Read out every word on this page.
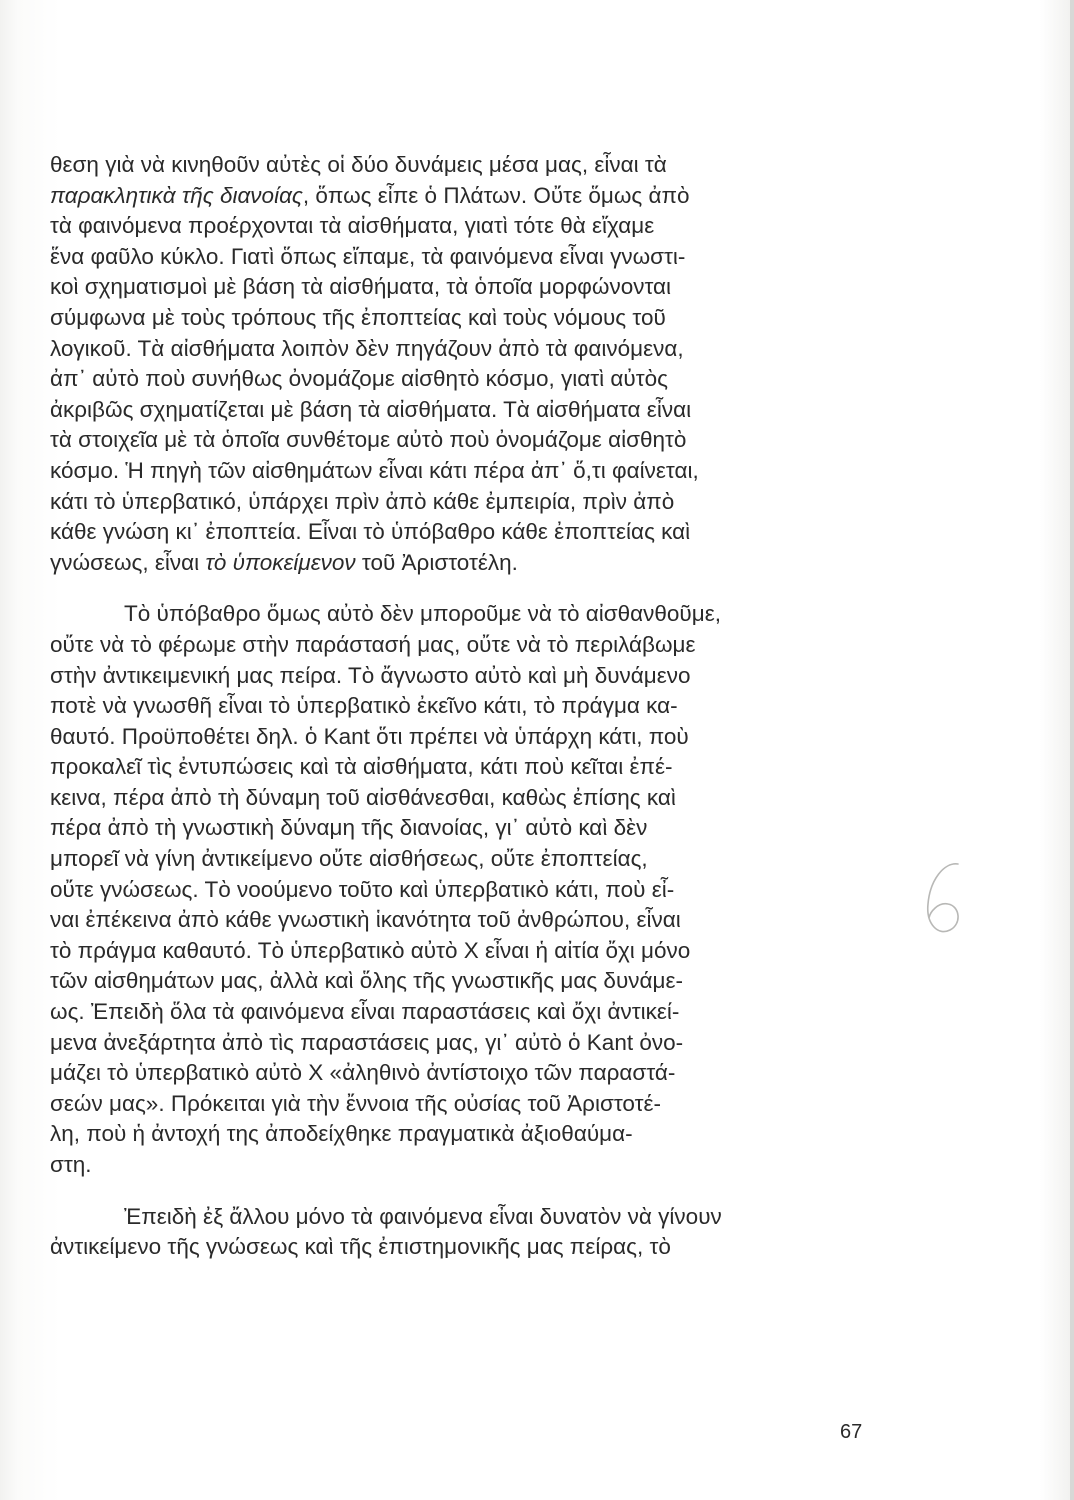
θεση γιὰ νὰ κινηθοῦν αὐτὲς οἱ δύο δυνάμεις μέσα μας, εἶναι τὰ
παρακλητικὰ τῆς διανοίας, ὅπως εἶπε ὁ Πλάτων. Οὔτε ὅμως ἀπὸ
τὰ φαινόμενα προέρχονται τὰ αἰσθήματα, γιατὶ τότε θὰ εἴχαμε
ἕνα φαῦλο κύκλο. Γιατὶ ὅπως εἴπαμε, τὰ φαινόμενα εἶναι γνωστι-
κοὶ σχηματισμοὶ μὲ βάση τὰ αἰσθήματα, τὰ ὁποῖα μορφώνονται
σύμφωνα μὲ τοὺς τρόπους τῆς ἐποπτείας καὶ τοὺς νόμους τοῦ
λογικοῦ. Τὰ αἰσθήματα λοιπὸν δὲν πηγάζουν ἀπὸ τὰ φαινόμενα,
ἀπ᾽ αὐτὸ ποὺ συνήθως ὀνομάζομε αἰσθητὸ κόσμο, γιατὶ αὐτὸς
ἀκριβῶς σχηματίζεται μὲ βάση τὰ αἰσθήματα. Τὰ αἰσθήματα εἶναι
τὰ στοιχεῖα μὲ τὰ ὁποῖα συνθέτομε αὐτὸ ποὺ ὀνομάζομε αἰσθητὸ
κόσμο. Ἡ πηγὴ τῶν αἰσθημάτων εἶναι κάτι πέρα ἀπ᾽ ὅ,τι φαίνεται,
κάτι τὸ ὑπερβατικό, ὑπάρχει πρὶν ἀπὸ κάθε ἐμπειρία, πρὶν ἀπὸ
κάθε γνώση κι᾽ ἐποπτεία. Εἶναι τὸ ὑπόβαθρο κάθε ἐποπτείας καὶ
γνώσεως, εἶναι τὸ ὑποκείμενον τοῦ Ἀριστοτέλη.
Τὸ ὑπόβαθρο ὅμως αὐτὸ δὲν μποροῦμε νὰ τὸ αἰσθανθοῦμε,
οὔτε νὰ τὸ φέρωμε στὴν παράστασή μας, οὔτε νὰ τὸ περιλάβωμε
στὴν ἀντικειμενική μας πείρα. Τὸ ἄγνωστο αὐτὸ καὶ μὴ δυνάμενο
ποτὲ νὰ γνωσθῆ εἶναι τὸ ὑπερβατικὸ ἐκεῖνο κάτι, τὸ πράγμα κα-
θαυτό. Προϋποθέτει δηλ. ὁ Kant ὅτι πρέπει νὰ ὑπάρχη κάτι, ποὺ
προκαλεῖ τὶς ἐντυπώσεις καὶ τὰ αἰσθήματα, κάτι ποὺ κεῖται ἐπέ-
κεινα, πέρα ἀπὸ τὴ δύναμη τοῦ αἰσθάνεσθαι, καθὼς ἐπίσης καὶ
πέρα ἀπὸ τὴ γνωστικὴ δύναμη τῆς διανοίας, γι᾽ αὐτὸ καὶ δὲν
μπορεῖ νὰ γίνη ἀντικείμενο οὔτε αἰσθήσεως, οὔτε ἐποπτείας,
οὔτε γνώσεως. Τὸ νοούμενο τοῦτο καὶ ὑπερβατικὸ κάτι, ποὺ εἶ-
ναι ἐπέκεινα ἀπὸ κάθε γνωστικὴ ἱκανότητα τοῦ ἀνθρώπου, εἶναι
τὸ πράγμα καθαυτό. Τὸ ὑπερβατικὸ αὐτὸ Χ εἶναι ἡ αἰτία ὄχι μόνο
τῶν αἰσθημάτων μας, ἀλλὰ καὶ ὅλης τῆς γνωστικῆς μας δυνάμε-
ως. Ἐπειδὴ ὅλα τὰ φαινόμενα εἶναι παραστάσεις καὶ ὄχι ἀντικεί-
μενα ἀνεξάρτητα ἀπὸ τὶς παραστάσεις μας, γι᾽ αὐτὸ ὁ Kant ὀνο-
μάζει τὸ ὑπερβατικὸ αὐτὸ Χ «ἀληθινὸ ἀντίστοιχο τῶν παραστά-
σεών μας». Πρόκειται γιὰ τὴν ἔννοια τῆς οὐσίας τοῦ Ἀριστοτέ-
λη, ποὺ ἡ ἀντοχή της ἀποδείχθηκε πραγματικὰ ἀξιοθαύμα-
στη.
Ἐπειδὴ ἐξ ἄλλου μόνο τὰ φαινόμενα εἶναι δυνατὸν νὰ γίνουν
ἀντικείμενο τῆς γνώσεως καὶ τῆς ἐπιστημονικῆς μας πείρας, τὸ
67
